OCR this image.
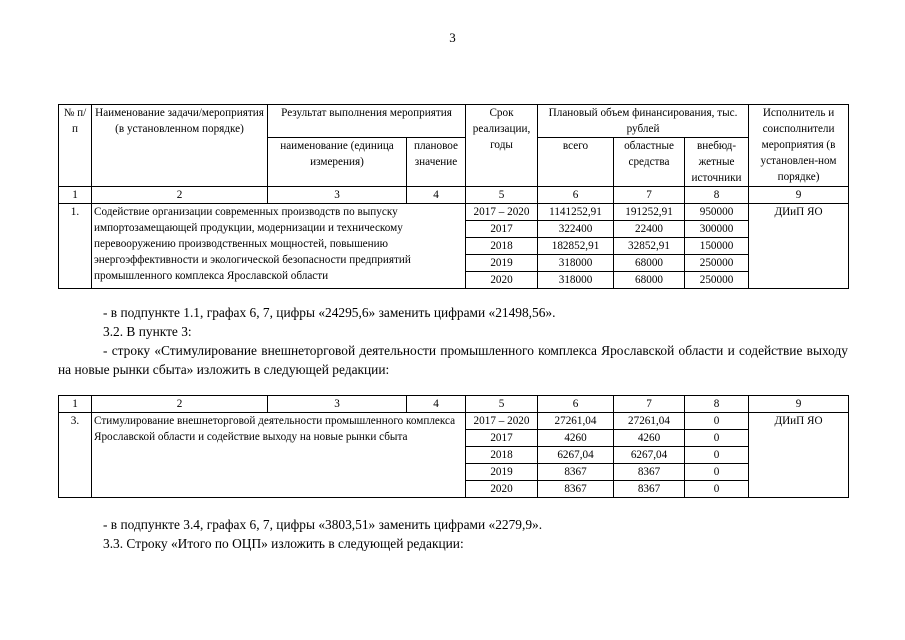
3
№ п/п	Наименование задачи/мероприятия (в установленном порядке)	Результат выполнения мероприятия		Срок реализации, годы	Плановый объем финансирования, тыс. рублей			Исполнитель и соисполнители мероприятия (в установлен-ном порядке)
		наименование (единица измерения)	плановое значение		всего	областные средства	внебюд-жетные источники	
1	2	3	4	5	6	7	8	9
1.	Содействие организации современных производств по выпуску импортозамещающей продукции, модернизации и техническому перевооружению производственных мощностей, повышению энергоэффективности и экологической безопасности предприятий промышленного комплекса Ярославской области			2017 – 2020	1141252,91	191252,91	950000	ДИиП ЯО
				2017	322400	22400	300000	
				2018	182852,91	32852,91	150000	
				2019	318000	68000	250000	
				2020	318000	68000	250000	
- в подпункте 1.1, графах 6, 7, цифры «24295,6» заменить цифрами «21498,56».
3.2. В пункте 3:
- строку «Стимулирование внешнеторговой деятельности промышленного комплекса Ярославской области и содействие выходу на новые рынки сбыта» изложить в следующей редакции:
1	2	3	4	5	6	7	8	9
3.	Стимулирование внешнеторговой деятельности промышленного комплекса Ярославской области и содействие выходу на новые рынки сбыта			2017 – 2020	27261,04	27261,04	0	ДИиП ЯО
				2017	4260	4260	0	
				2018	6267,04	6267,04	0	
				2019	8367	8367	0	
				2020	8367	8367	0	
- в подпункте 3.4, графах 6, 7, цифры «3803,51» заменить цифрами «2279,9».
3.3. Строку «Итого по ОЦП» изложить в следующей редакции:
